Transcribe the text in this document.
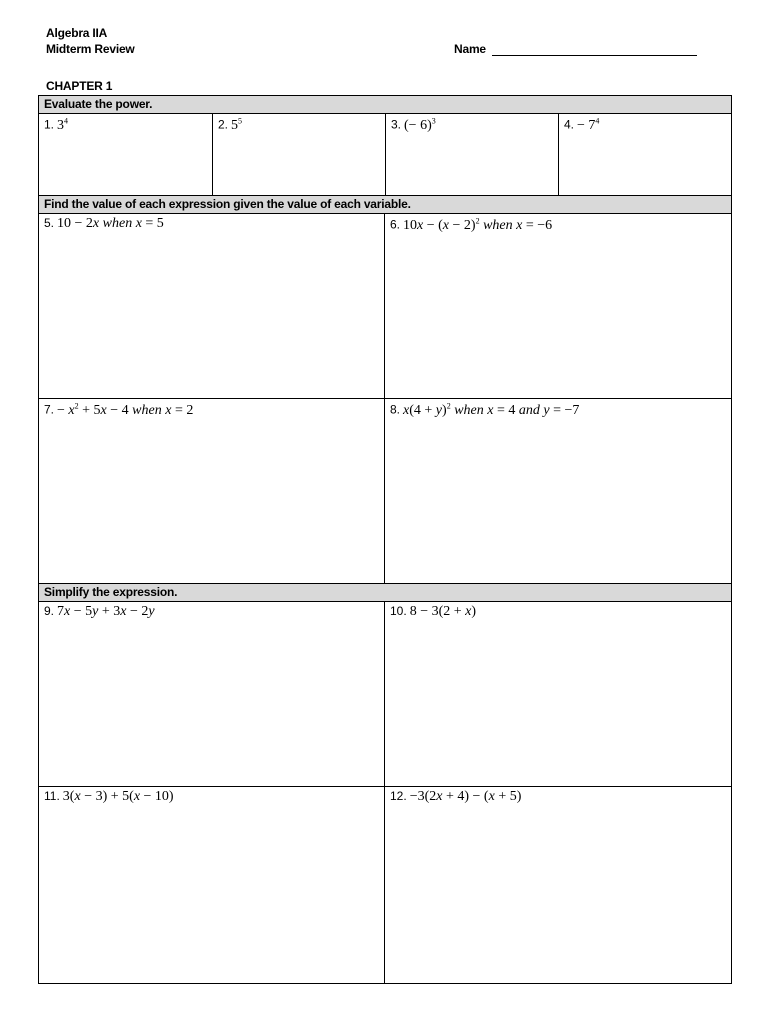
Algebra IIA
Midterm Review	Name
CHAPTER 1
Evaluate the power.
1. $3^4$	2. $5^5$	3. (− 6)$^3$	4. − $7^4$
Find the value of each expression given the value of each variable.
5. 10 − 2x when x = 5	6. $10x - (x - 2)^2$ when x = −6
7. − $x^2 + 5x - 4$ when x = 2	8. $x(4 + y)^2$ when x = 4 and y = −7
Simplify the expression.
9. 7x − 5y + 3x − 2y	10. 8 − 3(2 + x)
11. 3(x − 3) + 5(x − 10)	12. −3(2x + 4) − (x + 5)
